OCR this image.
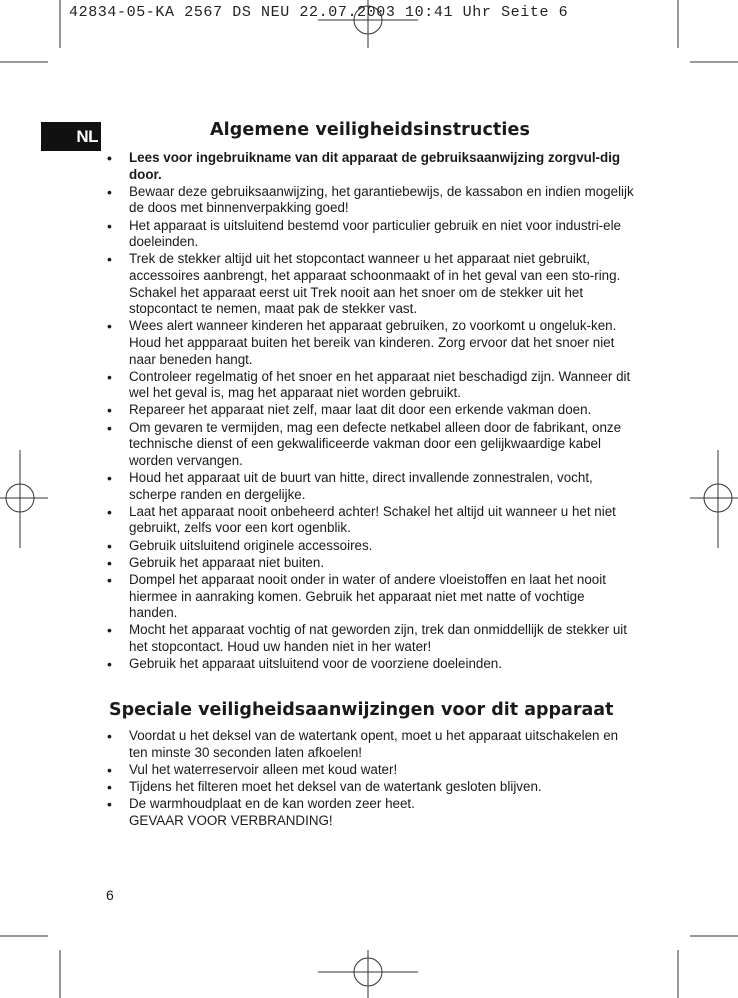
42834-05-KA 2567 DS NEU 22.07.2003 10:41 Uhr Seite 6
NL	Algemene veiligheidsinstructies
• Lees voor ingebruikname van dit apparaat de gebruiksaanwijzing zorgvul-dig door.
• Bewaar deze gebruiksaanwijzing, het garantiebewijs, de kassabon en indien mogelijk de doos met binnenverpakking goed!
• Het apparaat is uitsluitend bestemd voor particulier gebruik en niet voor industri-ele doeleinden.
• Trek de stekker altijd uit het stopcontact wanneer u het apparaat niet gebruikt, accessoires aanbrengt, het apparaat schoonmaakt of in het geval van een sto-ring. Schakel het apparaat eerst uit Trek nooit aan het snoer om de stekker uit het stopcontact te nemen, maat pak de stekker vast.
• Wees alert wanneer kinderen het apparaat gebruiken, zo voorkomt u ongeluk-ken. Houd het appparaat buiten het bereik van kinderen. Zorg ervoor dat het snoer niet naar beneden hangt.
• Controleer regelmatig of het snoer en het apparaat niet beschadigd zijn. Wanneer dit wel het geval is, mag het apparaat niet worden gebruikt.
• Repareer het apparaat niet zelf, maar laat dit door een erkende vakman doen.
• Om gevaren te vermijden, mag een defecte netkabel alleen door de fabrikant, onze technische dienst of een gekwalificeerde vakman door een gelijkwaardige kabel worden vervangen.
• Houd het apparaat uit de buurt van hitte, direct invallende zonnestralen, vocht, scherpe randen en dergelijke.
• Laat het apparaat nooit onbeheerd achter! Schakel het altijd uit wanneer u het niet gebruikt, zelfs voor een kort ogenblik.
• Gebruik uitsluitend originele accessoires.
• Gebruik het apparaat niet buiten.
• Dompel het apparaat nooit onder in water of andere vloeistoffen en laat het nooit hiermee in aanraking komen. Gebruik het apparaat niet met natte of vochtige handen.
• Mocht het apparaat vochtig of nat geworden zijn, trek dan onmiddellijk de stekker uit het stopcontact. Houd uw handen niet in her water!
• Gebruik het apparaat uitsluitend voor de voorziene doeleinden.
Speciale veiligheidsaanwijzingen voor dit apparaat
• Voordat u het deksel van de watertank opent, moet u het apparaat uitschakelen en ten minste 30 seconden laten afkoelen!
• Vul het waterreservoir alleen met koud water!
• Tijdens het filteren moet het deksel van de watertank gesloten blijven.
• De warmhoudplaat en de kan worden zeer heet.
GEVAAR VOOR VERBRANDING!
6
